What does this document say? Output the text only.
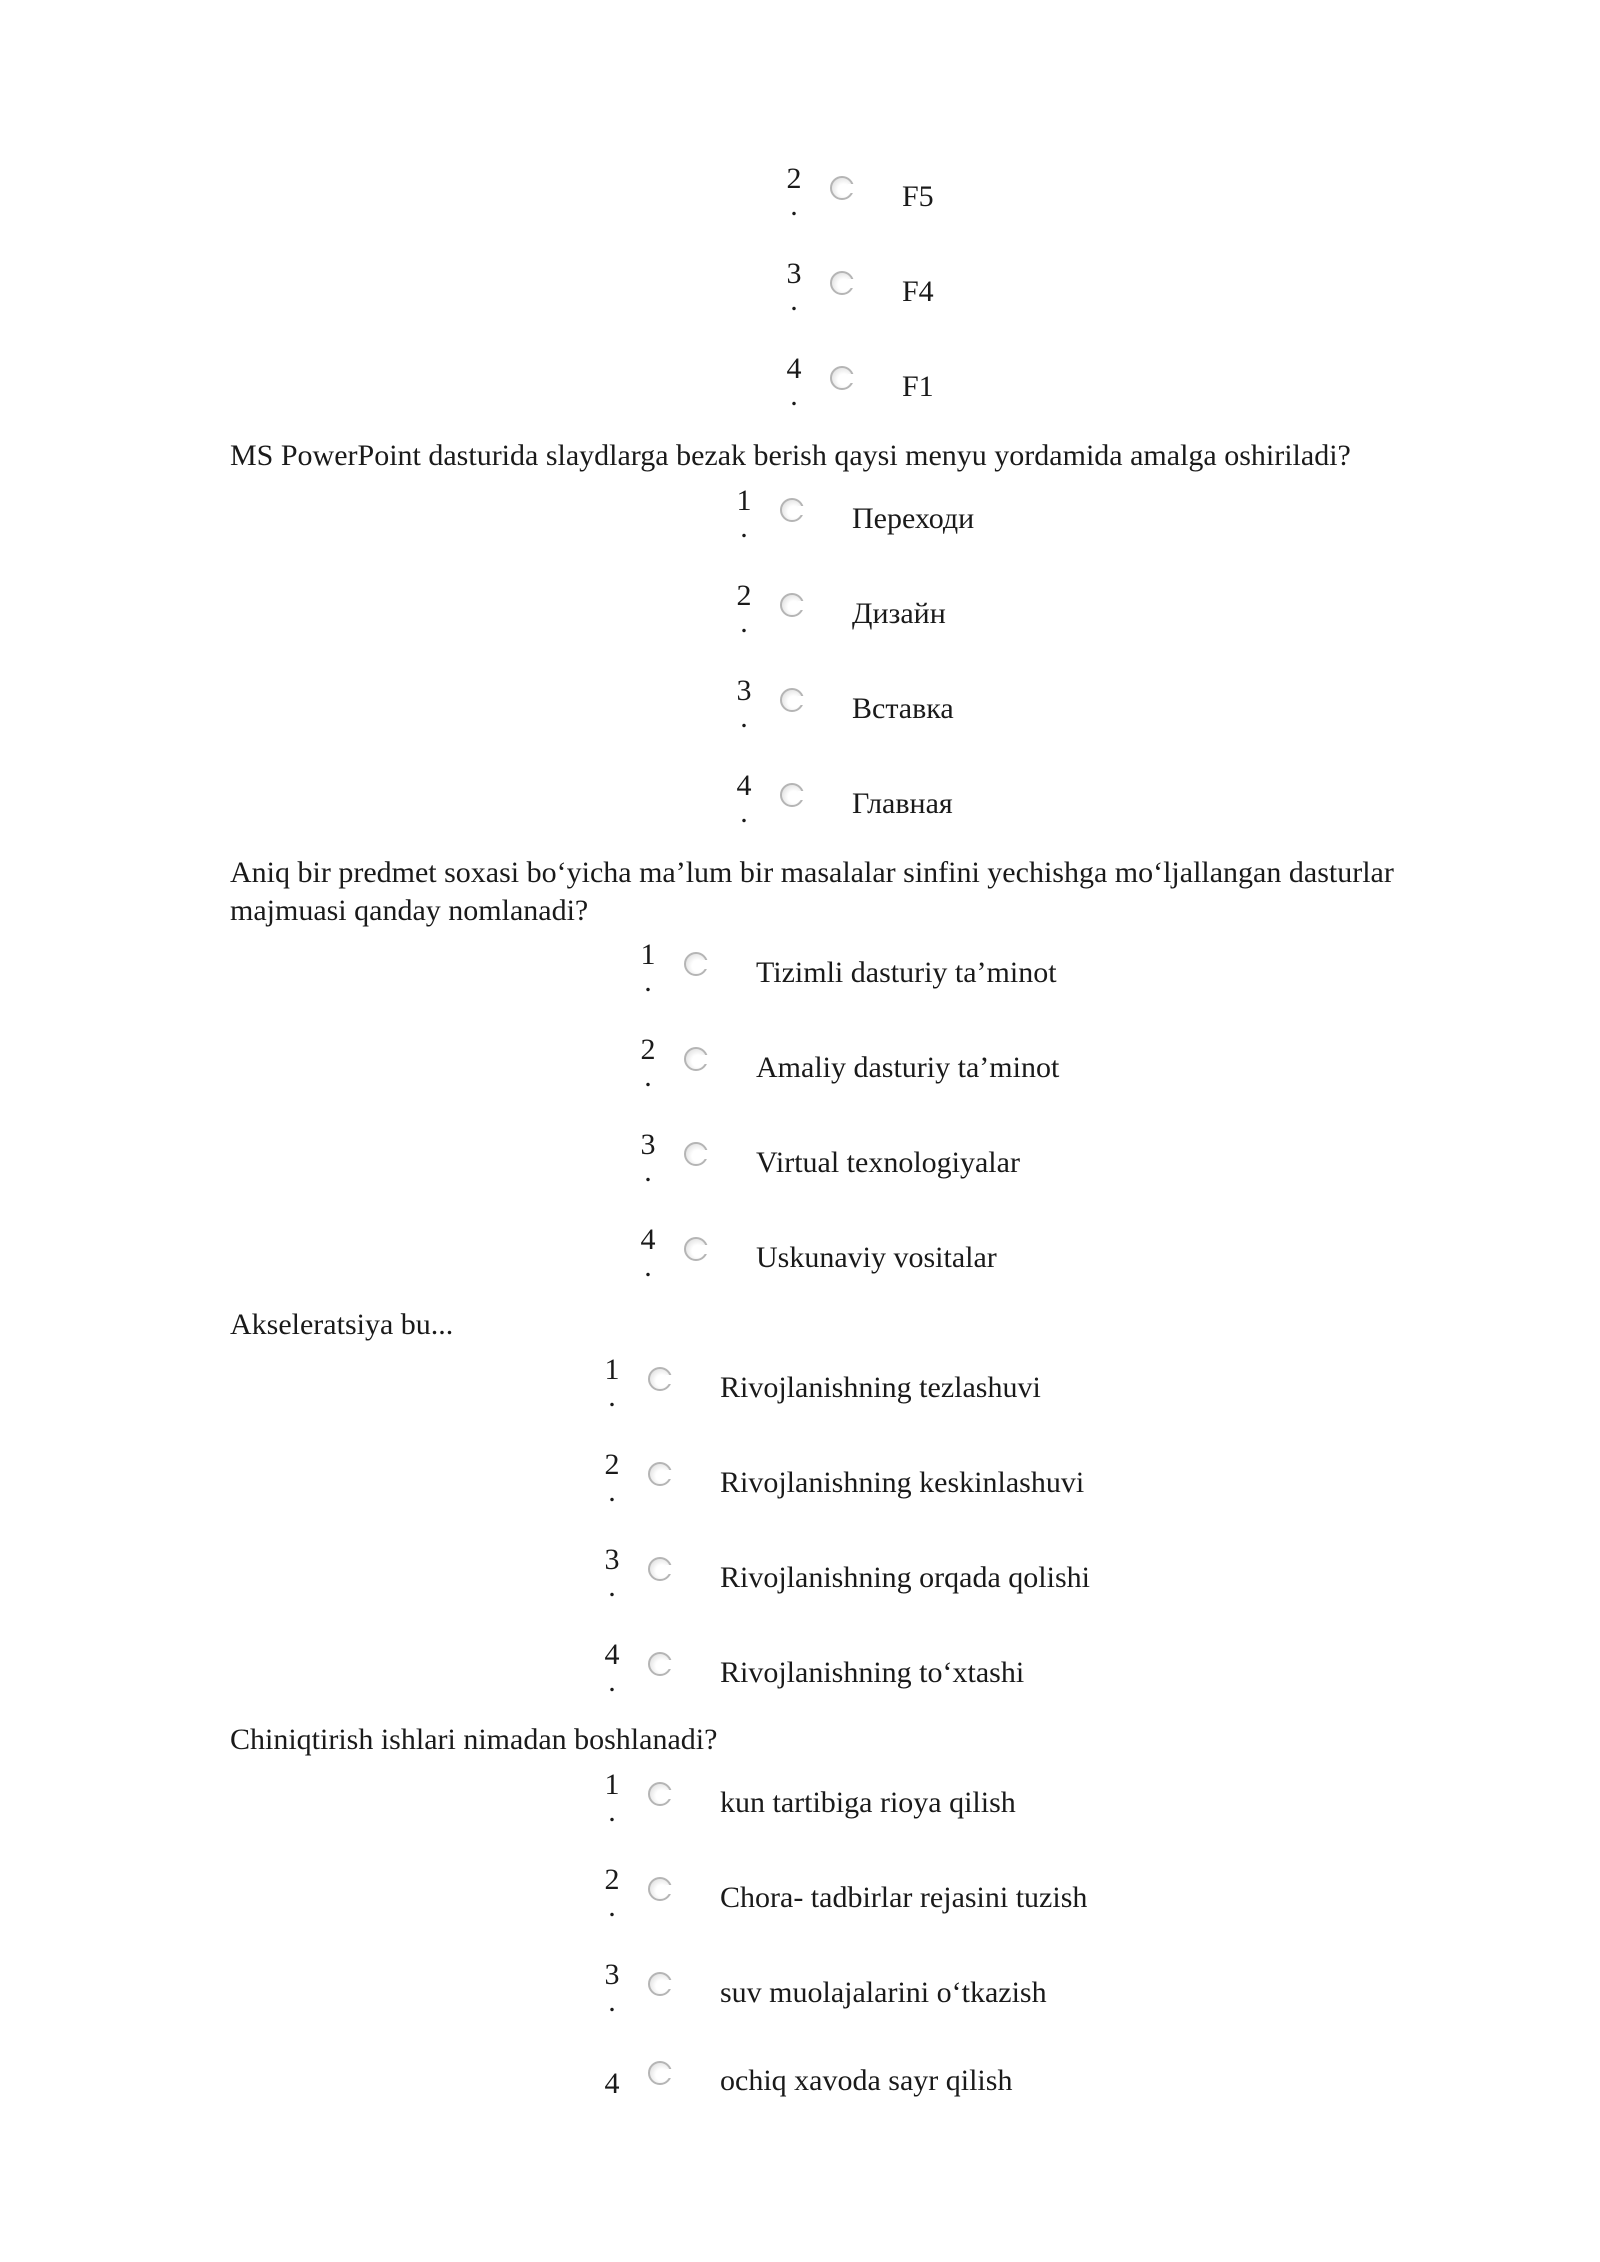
2
.	F5
3
.	F4
4
.	F1
MS PowerPoint dasturida slaydlarga bezak berish qaysi menyu yordamida amalga oshiriladi?
1
.	Переходи
2
.	Дизайн
3
.	Вставка
4
.	Главная
Aniq bir predmet soxasi bo‘yicha ma’lum bir masalalar sinfini yechishga mo‘ljallangan dasturlar majmuasi qanday nomlanadi?
1
.	Tizimli dasturiy ta’minot
2
.	Amaliy dasturiy ta’minot
3
.	Virtual texnologiyalar
4
.	Uskunaviy vositalar
Akseleratsiya bu...
1
.	Rivojlanishning tezlashuvi
2
.	Rivojlanishning keskinlashuvi
3
.	Rivojlanishning orqada qolishi
4
.	Rivojlanishning to‘xtashi
Chiniqtirish ishlari nimadan boshlanadi?
1
.	kun tartibiga rioya qilish
2
.	Chora- tadbirlar rejasini tuzish
3
.	suv muolajalarini o‘tkazish
4	ochiq xavoda sayr qilish
